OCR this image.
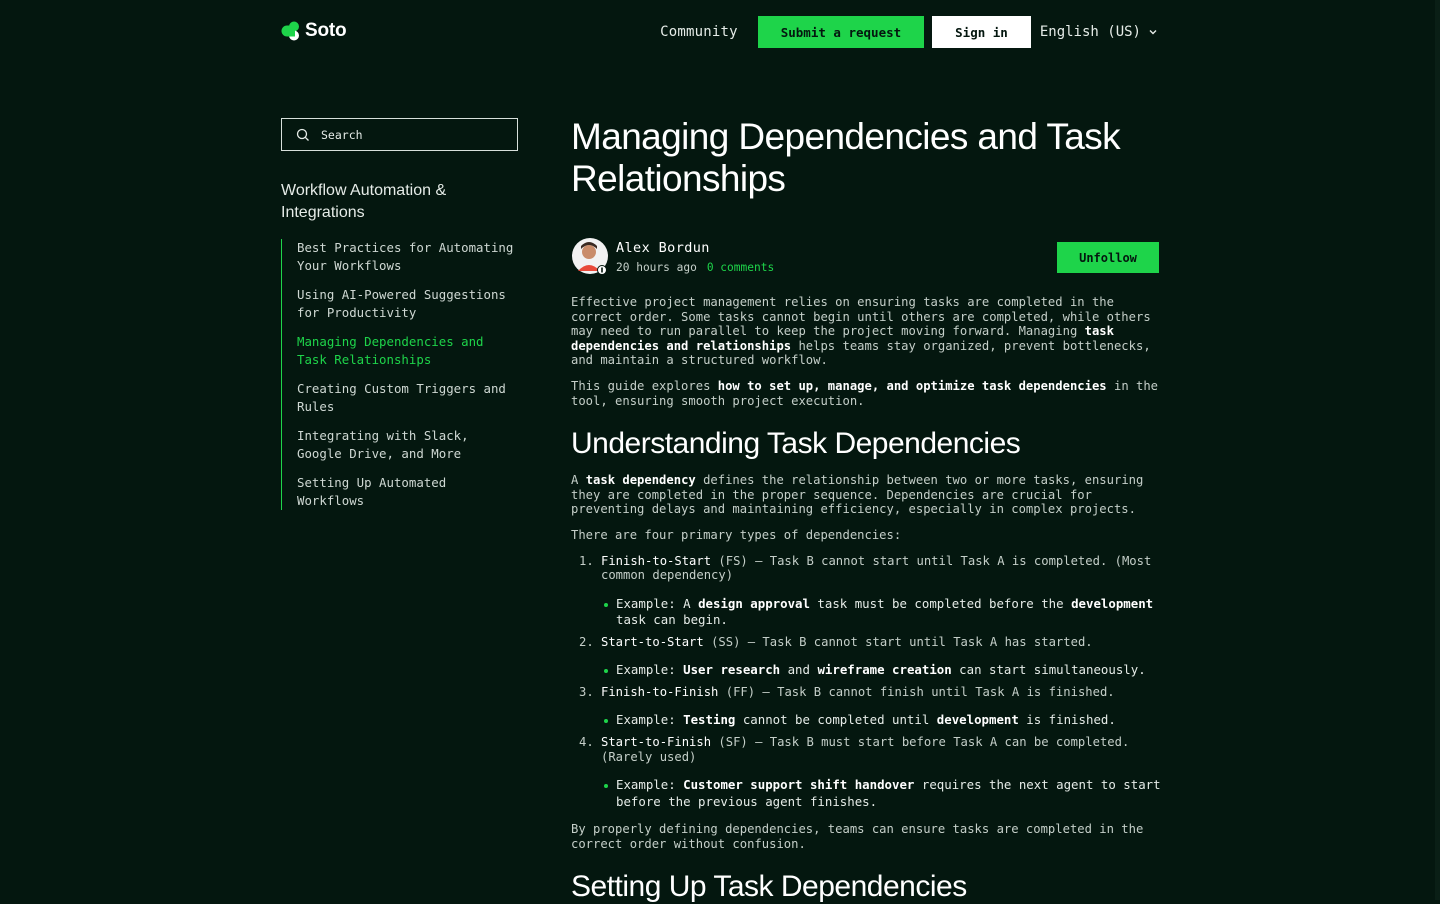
Soto	Community	Submit a request	Sign in	English (US)
Search
Workflow Automation & Integrations
Best Practices for Automating Your Workflows
Using AI-Powered Suggestions for Productivity
Managing Dependencies and Task Relationships
Creating Custom Triggers and Rules
Integrating with Slack, Google Drive, and More
Setting Up Automated Workflows
Managing Dependencies and Task Relationships
Alex Bordun
20 hours ago 0 comments
Unfollow

Effective project management relies on ensuring tasks are completed in the correct order. Some tasks cannot begin until others are completed, while others may need to run parallel to keep the project moving forward. Managing task dependencies and relationships helps teams stay organized, prevent bottlenecks, and maintain a structured workflow.

This guide explores how to set up, manage, and optimize task dependencies in the tool, ensuring smooth project execution.

Understanding Task Dependencies

A task dependency defines the relationship between two or more tasks, ensuring they are completed in the proper sequence. Dependencies are crucial for preventing delays and maintaining efficiency, especially in complex projects.

There are four primary types of dependencies:

1. Finish-to-Start (FS) – Task B cannot start until Task A is completed. (Most common dependency)
Example: A design approval task must be completed before the development task can begin.
2. Start-to-Start (SS) – Task B cannot start until Task A has started.
Example: User research and wireframe creation can start simultaneously.
3. Finish-to-Finish (FF) – Task B cannot finish until Task A is finished.
Example: Testing cannot be completed until development is finished.
4. Start-to-Finish (SF) – Task B must start before Task A can be completed. (Rarely used)
Example: Customer support shift handover requires the next agent to start before the previous agent finishes.

By properly defining dependencies, teams can ensure tasks are completed in the correct order without confusion.

Setting Up Task Dependencies
